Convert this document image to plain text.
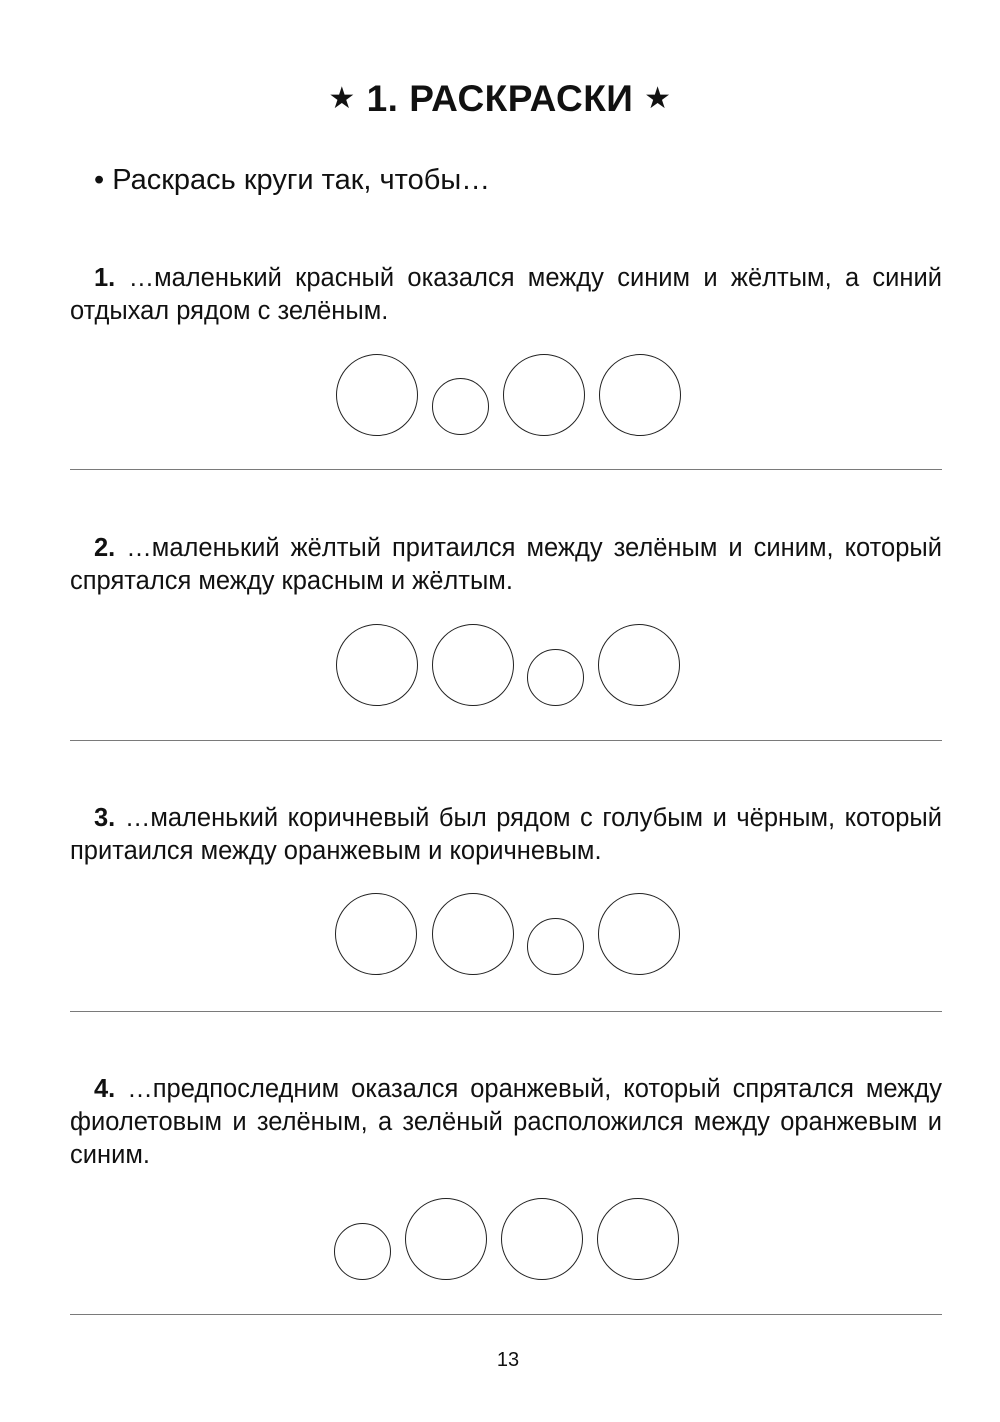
★ 1. РАСКРАСКИ ★
• Раскрась круги так, чтобы…
1. …маленький красный оказался между синим и жёлтым, а синий отдыхал рядом с зелёным.
2. …маленький жёлтый притаился между зелёным и синим, который спрятался между красным и жёлтым.
3. …маленький коричневый был рядом с голубым и чёрным, который притаился между оранжевым и коричневым.
4. …предпоследним оказался оранжевый, который спрятался между фиолетовым и зелёным, а зелёный расположился между оранжевым и синим.
13
